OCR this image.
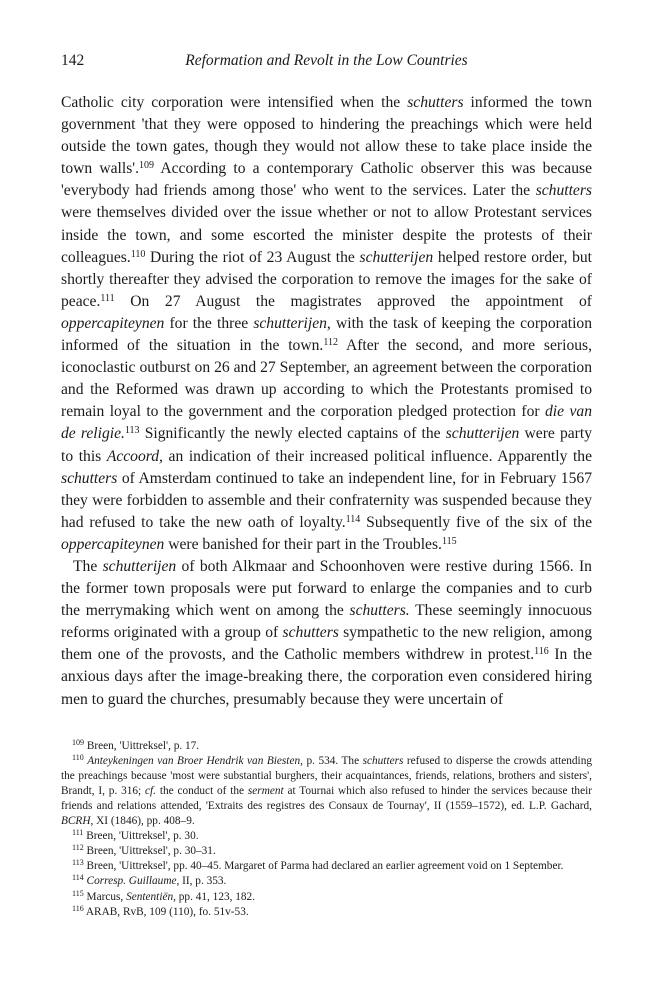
142	Reformation and Revolt in the Low Countries

Catholic city corporation were intensified when the schutters informed the town government 'that they were opposed to hindering the preachings which were held outside the town gates, though they would not allow these to take place inside the town walls'.$^{109}$ According to a contemporary Catholic observer this was because 'everybody had friends among those' who went to the services. Later the schutters were themselves divided over the issue whether or not to allow Protestant services inside the town, and some escorted the minister despite the protests of their colleagues.$^{110}$ During the riot of 23 August the schutterijen helped restore order, but shortly thereafter they advised the corporation to remove the images for the sake of peace.$^{111}$ On 27 August the magistrates approved the appointment of oppercapiteynen for the three schutterijen, with the task of keeping the corporation informed of the situation in the town.$^{112}$ After the second, and more serious, iconoclastic outburst on 26 and 27 September, an agreement between the corporation and the Reformed was drawn up according to which the Protestants promised to remain loyal to the government and the corporation pledged protection for die van de religie.$^{113}$ Significantly the newly elected captains of the schutterijen were party to this Accoord, an indication of their increased political influence. Apparently the schutters of Amsterdam continued to take an independent line, for in February 1567 they were forbidden to assemble and their confraternity was suspended because they had refused to take the new oath of loyalty.$^{114}$ Subsequently five of the six of the oppercapiteynen were banished for their part in the Troubles.$^{115}$

The schutterijen of both Alkmaar and Schoonhoven were restive during 1566. In the former town proposals were put forward to enlarge the companies and to curb the merrymaking which went on among the schutters. These seemingly innocuous reforms originated with a group of schutters sympathetic to the new religion, among them one of the provosts, and the Catholic members withdrew in protest.$^{116}$ In the anxious days after the image-breaking there, the corporation even considered hiring men to guard the churches, presumably because they were uncertain of

$^{109}$ Breen, 'Uittreksel', p. 17.

$^{110}$ Anteykeningen van Broer Hendrik van Biesten, p. 534. The schutters refused to disperse the crowds attending the preachings because 'most were substantial burghers, their acquaintances, friends, relations, brothers and sisters', Brandt, I, p. 316; cf. the conduct of the serment at Tournai which also refused to hinder the services because their friends and relations attended, 'Extraits des registres des Consaux de Tournay', II (1559–1572), ed. L.P. Gachard, BCRH, XI (1846), pp. 408–9.

$^{111}$ Breen, 'Uittreksel', p. 30.

$^{112}$ Breen, 'Uittreksel', p. 30–31.

$^{113}$ Breen, 'Uittreksel', pp. 40–45. Margaret of Parma had declared an earlier agreement void on 1 September.

$^{114}$ Corresp. Guillaume, II, p. 353.

$^{115}$ Marcus, Sententiën, pp. 41, 123, 182.

$^{116}$ ARAB, RvB, 109 (110), fo. 51v-53.
